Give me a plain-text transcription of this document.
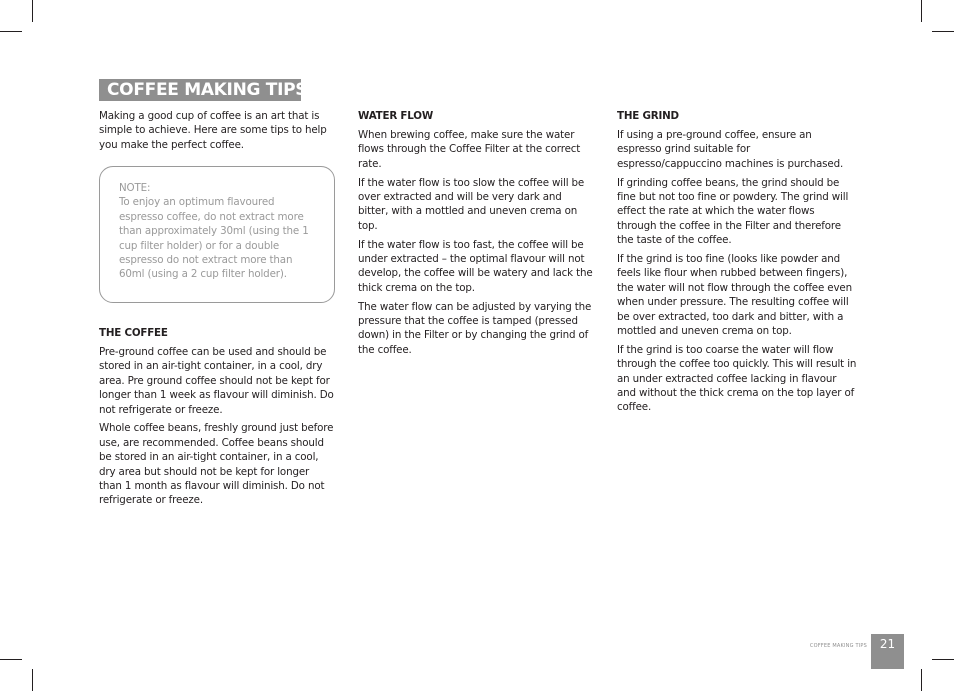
COFFEE MAKING TIPS

Making a good cup of coffee is an art that is simple to achieve. Here are some tips to help you make the perfect coffee.

NOTE:
To enjoy an optimum flavoured espresso coffee, do not extract more than approximately 30ml (using the 1 cup filter holder) or for a double espresso do not extract more than 60ml (using a 2 cup filter holder).
THE COFFEE

Pre-ground coffee can be used and should be stored in an air-tight container, in a cool, dry area. Pre ground coffee should not be kept for longer than 1 week as flavour will diminish. Do not refrigerate or freeze.

Whole coffee beans, freshly ground just before use, are recommended. Coffee beans should be stored in an air-tight container, in a cool, dry area but should not be kept for longer than 1 month as flavour will diminish. Do not refrigerate or freeze.

WATER FLOW

When brewing coffee, make sure the water flows through the Coffee Filter at the correct rate.

If the water flow is too slow the coffee will be over extracted and will be very dark and bitter, with a mottled and uneven crema on top.

If the water flow is too fast, the coffee will be under extracted – the optimal flavour will not develop, the coffee will be watery and lack the thick crema on the top.

The water flow can be adjusted by varying the pressure that the coffee is tamped (pressed down) in the Filter or by changing the grind of the coffee.

THE GRIND

If using a pre-ground coffee, ensure an espresso grind suitable for espresso/cappuccino machines is purchased.

If grinding coffee beans, the grind should be fine but not too fine or powdery. The grind will effect the rate at which the water flows through the coffee in the Filter and therefore the taste of the coffee.

If the grind is too fine (looks like powder and feels like flour when rubbed between fingers), the water will not flow through the coffee even when under pressure. The resulting coffee will be over extracted, too dark and bitter, with a mottled and uneven crema on top.

If the grind is too coarse the water will flow through the coffee too quickly. This will result in an under extracted coffee lacking in flavour and without the thick crema on the top layer of coffee.

COFFEE MAKING TIPS	21
